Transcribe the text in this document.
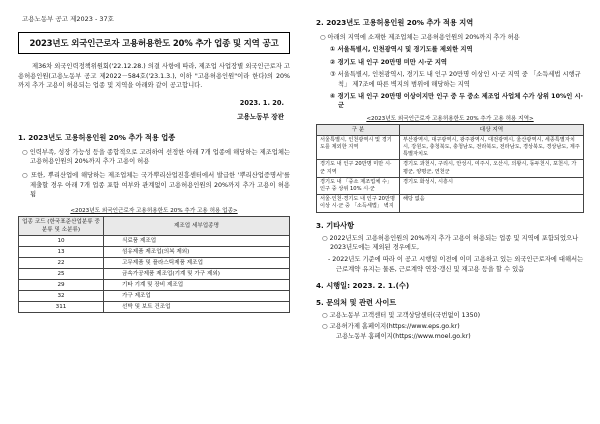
고용노동부 공고 제2023 - 37호
2023년도 외국인근로자 고용허용한도 20% 추가 업종 및 지역 공고
제36차 외국인력정책위원회('22.12.28.) 의결 사항에 따라, 제조업 사업장별 외국인근로자 고용허용인원(고용노동부 공고 제2022－584호('23.1.3.), 이하 "고용허용인원"이라 한다)의 20%까지 추가 고용이 허용되는 업종 및 지역을 아래와 같이 공고합니다.
2023. 1. 20.
고용노동부 장관
1. 2023년도 고용허용인원 20% 추가 적용 업종
○ 인력부족, 성장 가능성 등을 종합적으로 고려하여 선정한 아래 7개 업종에 해당하는 제조업체는 고용허용인원의 20%까지 추가 고용이 허용
○ 또한, 뿌리산업에 해당하는 제조업체는 국가뿌리산업진흥센터에서 발급한 '뿌리산업증명서'를 제출할 경우 아래 7개 업종 포함 여부와 관계없이 고용허용인원의 20%까지 추가 고용이 허용됨
<2023년도 외국인근로자 고용허용한도 20% 추가 고용 허용 업종>
업종 코드 (한국표준산업분류 중분류 및 소분류)	제조업 세부업종명
10	식료품 제조업
13	섬유제품 제조업(의복 제외)
22	고무제품 및 플라스틱제품 제조업
25	금속가공제품 제조업(기계 및 가구 제외)
29	기타 기계 및 장비 제조업
32	가구 제조업
311	선박 및 보트 건조업
2. 2023년도 고용허용인원 20% 추가 적용 지역
○ 아래의 지역에 소재한 제조업체는 고용허용인원의 20%까지 추가 허용
① 서울특별시, 인천광역시 및 경기도를 제외한 지역
② 경기도 내 인구 20만명 미만 시·군 지역
③ 서울특별시, 인천광역시, 경기도 내 인구 20만명 이상인 시·군 지역 중 「소득세법 시행규칙」 제7조에 따른 벽지의 범위에 해당하는 지역
④ 경기도 내 인구 20만명 이상이지만 인구 중 두 중소 제조업 사업체 수가 상위 10%인 시·군
<2023년도 외국인근로자 고용허용한도 20% 추가 고용 허용 지역>
구 분	대상 지역
서울특별시, 인천광역시 및 경기도를 제외한 지역	부산광역시, 대구광역시, 광주광역시, 대전광역시, 울산광역시, 세종특별자치시, 강원도, 충청북도, 충청남도, 전라북도, 전라남도, 경상북도, 경상남도, 제주특별자치도
경기도 내 인구 20만명 미만 시·군 지역	경기도 과천시, 구리시, 안성시, 여주시, 오산시, 의왕시, 동두천시, 포천시, 가평군, 양평군, 연천군
경기도 내 「중소 제조업체 수」 인구 중 상위 10% 시·군	경기도 화성시, 시흥시
서울·인천·경기도 내 인구 20만명 이상 시·군 중 「소득세법」 벽지	해당 없음
3. 기타사항
○ 2022년도의 고용허용인원의 20%까지 추가 고용이 허용되는 업종 및 지역에 포함되었으나 2023년도에는 제외된 경우에도,
- 2022년도 기준에 따라 이 공고 시행일 이전에 이미 고용하고 있는 외국인근로자에 대해서는 근로계약 유지는 물론, 근로계약 연장·갱신 및 재고용 등을 할 수 있음
4. 시행일: 2023. 2. 1.(수)
5. 문의처 및 관련 사이트
○ 고용노동부 고객센터 및 고객상담센터(국번없이 1350)
○ 고용허가제 홈페이지(https://www.eps.go.kr)
고용노동부 홈페이지(https://www.moel.go.kr)
